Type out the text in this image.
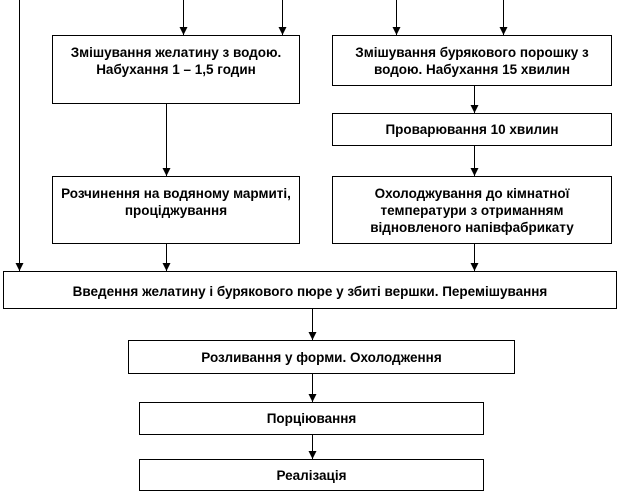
Змішування желатину з водою. Набухання 1 – 1,5 годин
Змішування бурякового порошку з водою. Набухання 15 хвилин
Проварювання 10 хвилин
Розчинення на водяному мармиті, проціджування
Охолоджування до кімнатної температури з отриманням відновленого напівфабрикату
Введення желатину і бурякового пюре у збиті вершки. Перемішування
Розливання у форми. Охолодження
Порціювання
Реалізація
